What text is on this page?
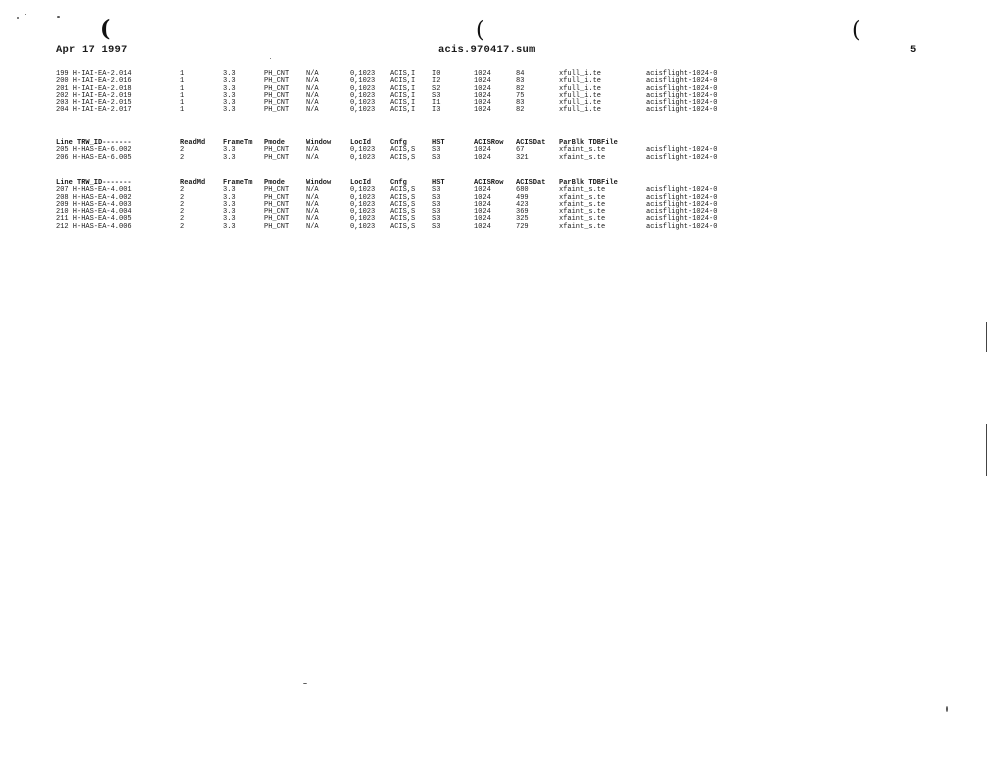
(	(	(
Apr 17 1997	acis.970417.sum	5
199 H-IAI-EA-2.014	1	3.3	PH_CNT N/A	0,1023 ACIS,I I0	1024	84	xfull_i.te	acisflight-1024-0
200 H-IAI-EA-2.016	1	3.3	PH_CNT N/A	0,1023 ACIS,I I2	1024	83	xfull_i.te	acisflight-1024-0
201 H-IAI-EA-2.018	1	3.3	PH_CNT N/A	0,1023 ACIS,I S2	1024	82	xfull_i.te	acisflight-1024-0
202 H-IAI-EA-2.019	1	3.3	PH_CNT N/A	0,1023 ACIS,I S3	1024	75	xfull_i.te	acisflight-1024-0
203 H-IAI-EA-2.015	1	3.3	PH_CNT N/A	0,1023 ACIS,I I1	1024	83	xfull_i.te	acisflight-1024-0
204 H-IAI-EA-2.017	1	3.3	PH_CNT N/A	0,1023 ACIS,I I3	1024	82	xfull_i.te	acisflight-1024-0
Line TRW_ID-------	ReadMd	FrameTm Pmode	Window	LocId	Cnfg	HST	ACISRow ACISDat ParBlk TDBFile
205 H-HAS-EA-6.002	2	3.3	PH_CNT N/A	0,1023 ACIS,S S3	1024	67	xfaint_s.te	acisflight-1024-0
206 H-HAS-EA-6.005	2	3.3	PH_CNT N/A	0,1023 ACIS,S S3	1024	321	xfaint_s.te	acisflight-1024-0
Line TRW_ID-------	ReadMd	FrameTm Pmode	Window	LocId	Cnfg	HST	ACISRow ACISDat ParBlk TDBFile
207 H-HAS-EA-4.001	2	3.3	PH_CNT N/A	0,1023 ACIS,S S3	1024	680	xfaint_s.te	acisflight-1024-0
208 H-HAS-EA-4.002	2	3.3	PH_CNT N/A	0,1023 ACIS,S S3	1024	499	xfaint_s.te	acisflight-1024-0
209 H-HAS-EA-4.003	2	3.3	PH_CNT N/A	0,1023 ACIS,S S3	1024	423	xfaint_s.te	acisflight-1024-0
210 H-HAS-EA-4.004	2	3.3	PH_CNT N/A	0,1023 ACIS,S S3	1024	369	xfaint_s.te	acisflight-1024-0
211 H-HAS-EA-4.005	2	3.3	PH_CNT N/A	0,1023 ACIS,S S3	1024	325	xfaint_s.te	acisflight-1024-0
212 H-HAS-EA-4.006	2	3.3	PH_CNT N/A	0,1023 ACIS,S S3	1024	729	xfaint_s.te	acisflight-1024-0
